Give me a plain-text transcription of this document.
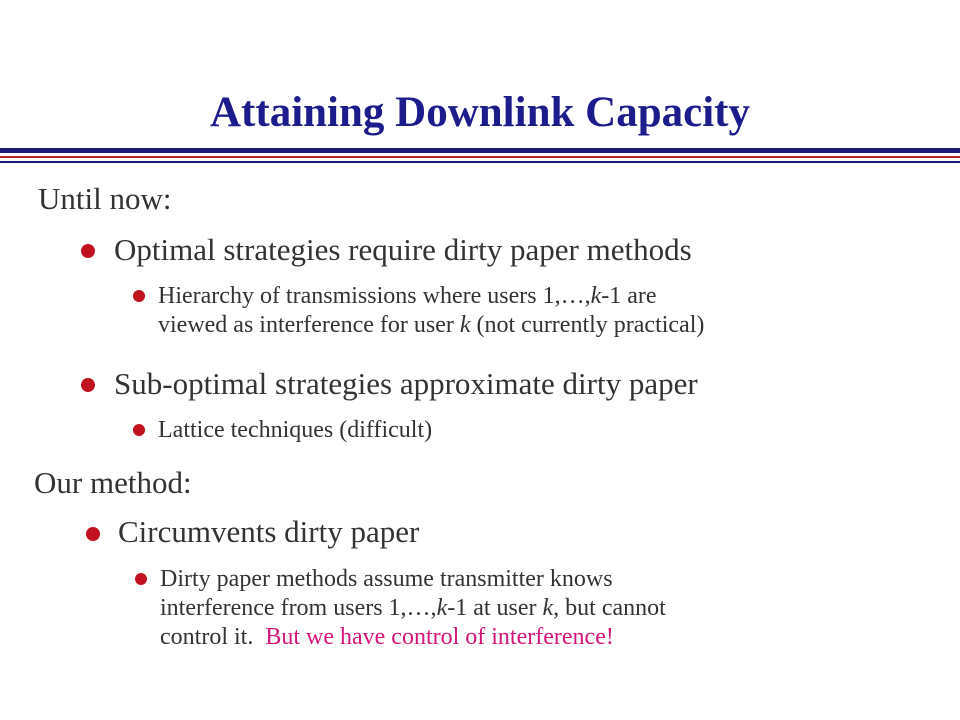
Attaining Downlink Capacity
Until now:
Optimal strategies require dirty paper methods
Hierarchy of transmissions where users 1,…,k-1 are
viewed as interference for user k (not currently practical)
Sub-optimal strategies approximate dirty paper
Lattice techniques (difficult)
Our method:
Circumvents dirty paper
Dirty paper methods assume transmitter knows
interference from users 1,…,k-1 at user k, but cannot
control it.  But we have control of interference!
